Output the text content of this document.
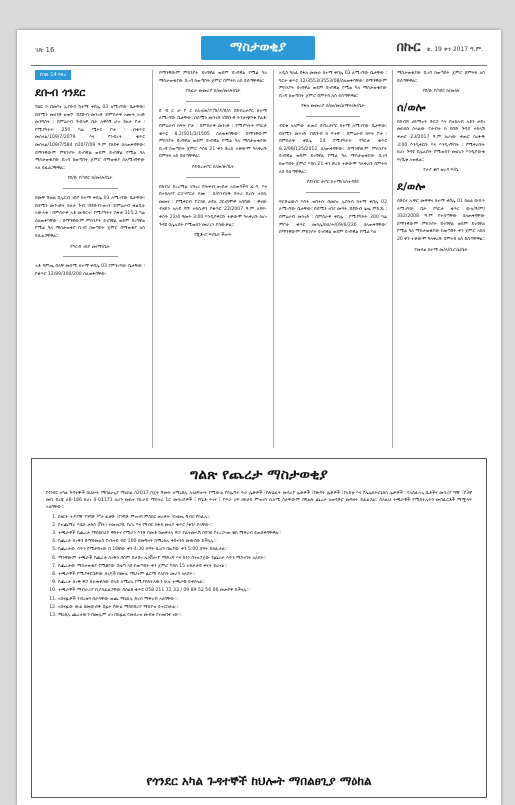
ገጽ 16	ማስታወቂያ	በኩር ቁ. 19 ቀን 2017 ዓ.ም.
ከገጽ 14 የዞረ
ደቡብ ጎንደር
ባህር ኮ በመካነ ኢየሱስ ከተማ ቀበሌ 03 ለሚገኘው ቤታቸው፡ በሰሚን መሀንድ ዘጠኙ ፡በደቡብ መንገድ ፡በምስራቅ አሙት አገድ መንግስት ፡ በምዕራብ ጉብላዎ ቤት አዋሳኝ ሆኖ ይዞታ ቦታ ፡የሚያካትት 250 ካሬ ሜትር ቦታ ፡ በቁጥር መሰላል/109/7/2079 እና የንብረት ቁጥር መሰላል/109/7/584 በ20/7/09 ዓ.ም የጸደቀ ሰለጠፋባቸው፡ በማንኛውም ምክንያት ይገባኛል ወይም ይገባኛል የሚል ካለ ማስታወቂያው ቢገባ ከወጣበት ጀምሮ በማወቂያ ሰለሚገባቸው አለ ይፈልጋቸዋል።
የደ/ቡ የ/ጎደር ከ/መ/ጽ/ቤት
በመቸ ሻወል በኢርብ ገበያ ከተማ ቀበሌ 03 ለሚገኘው ቤታቸው፡ በሰሚን መንገድና ይዞታ ጉብ ፡በደቡብ-ወገን ፡በምዕራብ ቁልቢት አውላቱ ፡ በምስራቅ አቶ መብርተ፡ የሚያካትት ስፋቱ 315.2 ካሬ ሰለጠፋባቸው ፡ በማንኛውም ምክንያት ይገባኛል ወይም ይገባኛል የሚል ካለ ማስታወቂያ ቢገባ ከወጣበት ጀምሮ በማወቂያ ለስ ይፈልጋቸዋል።
የእርብ ገበያ መ/ማ/ቤት
አቶ ዳምጤ በላቸ መሰሚ ከተማ ቀበሌ 03 የምንገኘው ቤታቸው ፡ የቁጥር 12/89/300/200 ሰለጠፋባቸው፡
በማንኛውም ምክንያት ይገባኛል ወይም ይገባኛል የሚል ካለ ማስታወቂያው ቢገባ ከወጣበት ጀምሮ በምትክ ለስ ይሰጣቸዋል።
የሳፈራ መመሪያ ከ/መ/መ/ጽ/ቤት
ደ ብ ር ታ ቦ ር ከ/ዐ/መ/ፖ/ሽ/ዶ/በ/ሰ በደብረታቦር ከተማ ለሚገኘው ቤታቸው፡ በሰሚን መንገድ ፡በደቡብ ትንታጭንቱ የልቶ፡ በምዕራብ ከፍት ቦታ ፡ በምስራቅ መንገድ ፡ የሚያካትት የካርታ ቁጥር 8.2/501/3/1505 ሰለጠፋባቸው፡ በማንኛውም ምክንያት ይገባኛል ወይም ይገባኛል የሚል ካለ ማስታወቂያው ቢገባ ከወጣበት ጀምሮ እስከ 21 ቀን ድረስ ተቃውሞ ካላቀረቡ በምትክ ለስ ይሰጣቸዋል።
የደብረታቦር ከ/መ/ጽ/ቤት
በክብሪ ይገረማል አሻገረ የሕቀብ ጠብታ አስጠዳችሳ ፈ.ዳ. እና በተክለሃየ ሮፓሃቦርራ ኮሙ ፡ ይ/ስንብ/ዱ ይትሪ ይረሱ ተስኪ መመና ፡ የሚቀርብ ፕሮክክ ታደለ ጋርነሸሞዋ አበባው ፡ ዋናው ብናስን አለብ ግኙ ተክሲዎን የቁጥር 22/2007 ዓ.ም ለይፍ-ቀሰጥ 22/4 ዓመት 3:00 እንዲያቅርቡ ተቃውሞ ካላቀረቡ ከሆነ ጉዳዩ በሌሉበት የሚወሰን መሆኑን ያሳውቃል።
የጂቶ-ሮ ፍ/ቤት ችሎት
አዲስ ዓለፈ በፋለ መመራ ከተማ ቀበሌ 03 ለሚገኘው ቤታቸው ፡ ካርታ ቁጥር 12/3553/3553/08/ሰለጠፋባቸው፡ በማንኛውም ምክንያት ይገባኛል ወይም ይገባኛል የሚል ካለ ማስታወቂያው ቢገባ ከወጣበት ጀምሮ በምትክ ለስ ይሰጣቸዋል።
የፋለ መመሪያ ከ/መ/መ/ልማት/ጽ/ቤት
ብርቱ አለምው ፈጠሮ ደብረታቦር ከተማ ለሚገኘው ቤታቸው፡ በሰሚን መንገድ ፡በደቡብ ክ ፍተኛ ፡ በምዕራብ ክፍት ቦታ ፡በምስራቅ ቀበሌ 14 የሚያካትት የካርታ ቁጥር 8.2/99/125/2012 ሰለጠፋባቸው፡ በማንኛውም ምክንያት ይገባኛል ወይም ይገባኛል የሚል ካለ ማስታወቂያው ቢገባ ከወጣበት ጀምሮ እስከ 21 ቀን ድረስ ተቃውሞ ካላቀረቡ በምትክ ለስ ይሰጣቸዋል።
የደ/ብር ታቦር ከተማ/አስተዳደር
ፍርድሬውሶ እስት ዝበተሱ በመከነ ኢየሱስ ከተማ ቀበሌ 02 ለሚገኘው ቤታቸው፡ በሰሚን ገበያ መዓት ፡በደቡብ ጌጤ ምስጋኑ ፡ በምዕራብ መንገድ ፡ በምስራቅ ቀበሌ ፡ የሚያካትት 200 ካሬ ምቦታ ቁጥር መሰሌ/ከሰ/ሖ/09/6/226 ሰለጠፋባቸው፡ በማንኛውም ምክንያት ይገባኛል ወይም ይገባኛል የሚል ካለ
ማስታወቂያው ቢገባ ከወጣበት ጀምሮ በምትክ ለስ ይሰጣቸዋል።
የደ/ቡ የ/ጎደር ከ/መ/ጽ
ሰ/ወሎ
በስብሸ ሀይማኖት ድርጋ እና በተክለብ አቶን ታደገ መከሰስ ሰላልው የታብተ ክ ከበድ ጉዳይ ተከላሽ ቀጠሮ 23/2017 ዓ.ም ለሆነው ቀጠሮ ከረፋዱ 3:00 እንዲቀርቡ እና እንዲገኙበት ፡ የሚቀረቡት ከሆነ ጉዳዩ በሌሉበት የሚወሰን መሆኑን እንዲያውቁ ፍ/ቤቱ አዝዟል።
የራያ ቆቦ ወረዳ ፍ/ቤ
ደ/ወሎ
ሰድርና ኡዋሮ መዋዋና ከተማ ቀበሌ 01 ከልል ውስጥ ላሚገኘው ቤት የካርታ ቁጥር ውለ/ዓ/ም/ 332/2008 ዓ.ም የተሰጣቸው ሰለጠፋባቸው በማንኛውም ምክንያት ይገባኛል ወይም ይገባኛል የሚል ካለ ማስታወቂያው ከወጣበት ቀን ጀምሮ አስከ 20 ቀን ተቃውሞ ካላቀረቡ በምትክ ለስ ይሰጣቸዋል።
የመሳል ከተማ መ/ለ/ቢሮ/ፅ/ቤት
ግልጽ የጨረታ ማስታወቂያ
የጎንደር አካል ጉዳተኞች ከህሎት ማበልፀጊያ ማዕከል በ2017 በጀት ዓመት ለማዕከሉ አገልግሎት የሚውል የስሌጣና ጥራ ሌቃዎች ፣የጽህፈት መሳሪያ ሌቃዎች ፣የጽዳት ሌቃዎች ፣የአይቲ እና የኤሌክትሮኒክስ ሌቃዎች ፡ የአስፈላጊ ቤቶችና መሳሪያ ግዥ ፣የ3ኛ መቢ ደረጃ ለ8-166 ከሆነ 4-01171 ለሆን መኪና የኪራይ ማስተሪ 1ሮ መሳሪያዎች ፣ የቤቶ ጥገና ፣ የጥራ ሪፍ ከክራይ ምዝገባ ሲለሚ ስራቸውም በግልጽ ጨረታ አወዳድሮ መግዛት ይፈልጋል፡፡ ስለዚህ ተጫራቾች የሚከተሉትን መስፈርቶች ማሟላት አለባቸው፡፡
1. በዘርፉ ተያያዥ የንግድ ሥራ ፈቃድ ፣የንግድ ምዝገባ ምስክር ወረቀት ፣የዘመኑ ግብር የከፈሉ::
2. የተጨማሪ እሴት ታክስ (ቫት) ተመዝጋቢ የሆኑ እና የግብር ከፋይ መለያ ቁጥር /ቲን/ ያላቸው::
3. ተጫራቾች የጨረታ ማስከበሪያ ዋስትና የሚሆን እንድ በመቶ ከጠቅላላ ዋጋ ያልተመላሽ በባንክ የተረጋገጠ ቼክ ማቅረብ ይጠበቅባቸዋል::
4. የጨረታ ሰነዱን በማይመለስ የገንዘብ ብር 100 በመግዛት ከማዕከሉ ፋይናንስ መውሰድ ይችላሉ::
5. የጨረታው ሳጥን የሚታሸገው በ 16ኛው ቀን 4:30 ሰዓት ሲሆን በዚያው ቀን 5:00 ሰዓት ይከፈታል::
6. ማንኛውም ተጫራች የጨረታ ሰነዱን በሰም በታሸገ ኤንቨሎፕ ማድረግ እና ከጎን በተዘጋጀው የጨረታ ሳጥን ማስገባት አለበት::
7. የጨረታው ማስታወቂያ የሚቆየው ጋዜጣ ላይ ከወጣበት ቀን ጀምሮ እስከ 15 ተከታታይ ቀናት ይሆናል::
8. ተጫራቾች የሚያቀርቧቸው ሰነዶች በሙሉ ማህተም ፊርማ ያለበት መሆን አለበት::
9. የጨረታ ሰነዱ ዋጋ ከተጠቀሰው በላይ ለሚሆኑ የሚያስከትለውን ሁሉ ተጫራቹ ይቀበላል::
10. ተጫራቾች ማብራሪያ ቢያስፈልጋቸው በስልክ ቁጥር 058 211 72 33 / 09 89 52 56 06 መጠየቅ ይችላሉ::
11. አሸናፊዎች ንብረቱን በራሳቸው ወጪ ማዕከሉ ድረስ ማቅረብ አለባቸው::
12. አሸናፊው ውል ከመውሰዱ በፊት የውል ማስከበሪያ ማስያዝ ይኖርበታል::
13. ማዕከሉ ጨረታውን በሙሉም ሆነ በከፊል የመሰረዝ መብቱ የተጠበቀ ነው::
የጎንደር አካል ጉዳተኞች ከህሎት ማበልፀጊያ ማዕከል
